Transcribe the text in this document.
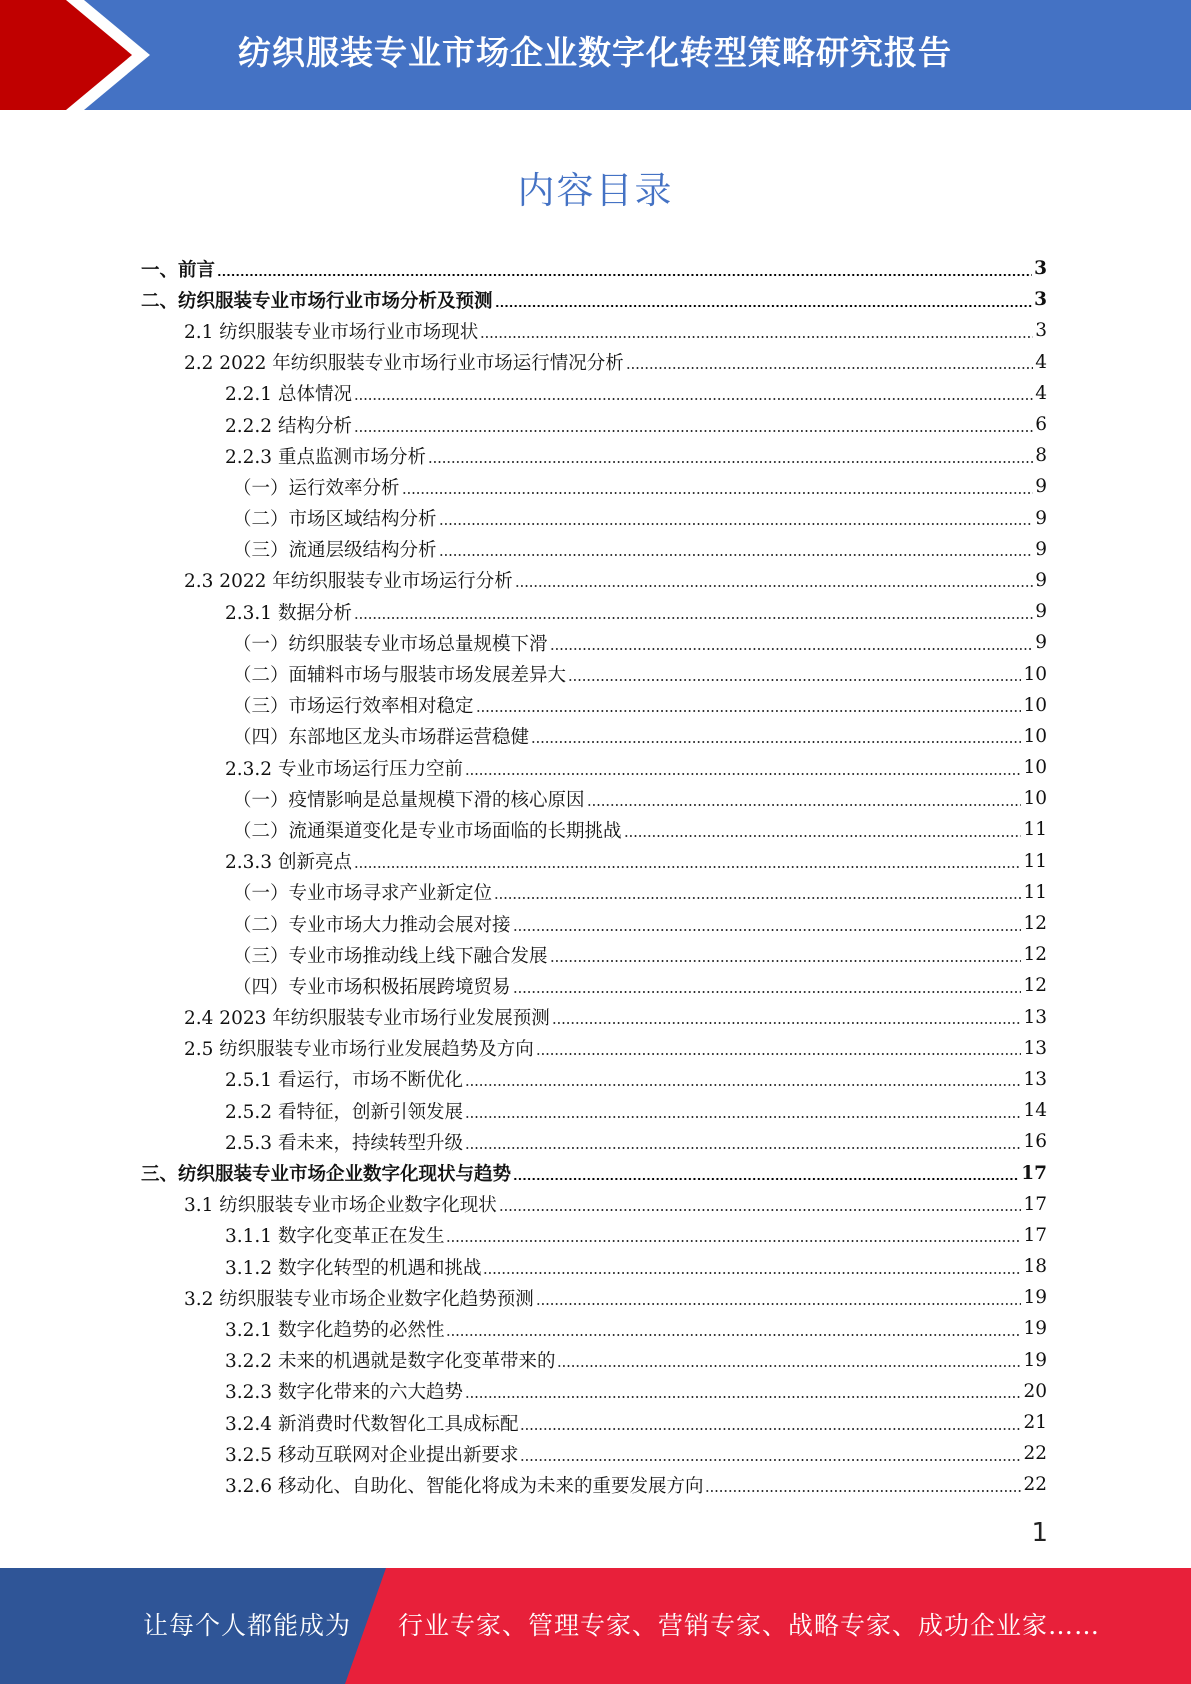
纺织服装专业市场企业数字化转型策略研究报告
内容目录
一、前言	3
二、纺织服装专业市场行业市场分析及预测	3
2.1 纺织服装专业市场行业市场现状	3
2.2 2022 年纺织服装专业市场行业市场运行情况分析	4
2.2.1 总体情况	4
2.2.2 结构分析	6
2.2.3 重点监测市场分析	8
（一）运行效率分析	9
（二）市场区域结构分析	9
（三）流通层级结构分析	9
2.3 2022 年纺织服装专业市场运行分析	9
2.3.1 数据分析	9
（一）纺织服装专业市场总量规模下滑	9
（二）面辅料市场与服装市场发展差异大	10
（三）市场运行效率相对稳定	10
（四）东部地区龙头市场群运营稳健	10
2.3.2 专业市场运行压力空前	10
（一）疫情影响是总量规模下滑的核心原因	10
（二）流通渠道变化是专业市场面临的长期挑战	11
2.3.3 创新亮点	11
（一）专业市场寻求产业新定位	11
（二）专业市场大力推动会展对接	12
（三）专业市场推动线上线下融合发展	12
（四）专业市场积极拓展跨境贸易	12
2.4 2023 年纺织服装专业市场行业发展预测	13
2.5 纺织服装专业市场行业发展趋势及方向	13
2.5.1 看运行，市场不断优化	13
2.5.2 看特征，创新引领发展	14
2.5.3 看未来，持续转型升级	16
三、纺织服装专业市场企业数字化现状与趋势	17
3.1 纺织服装专业市场企业数字化现状	17
3.1.1 数字化变革正在发生	17
3.1.2 数字化转型的机遇和挑战	18
3.2 纺织服装专业市场企业数字化趋势预测	19
3.2.1 数字化趋势的必然性	19
3.2.2 未来的机遇就是数字化变革带来的	19
3.2.3 数字化带来的六大趋势	20
3.2.4 新消费时代数智化工具成标配	21
3.2.5 移动互联网对企业提出新要求	22
3.2.6 移动化、自助化、智能化将成为未来的重要发展方向	22
1
让每个人都能成为 行业专家、管理专家、营销专家、战略专家、成功企业家……
